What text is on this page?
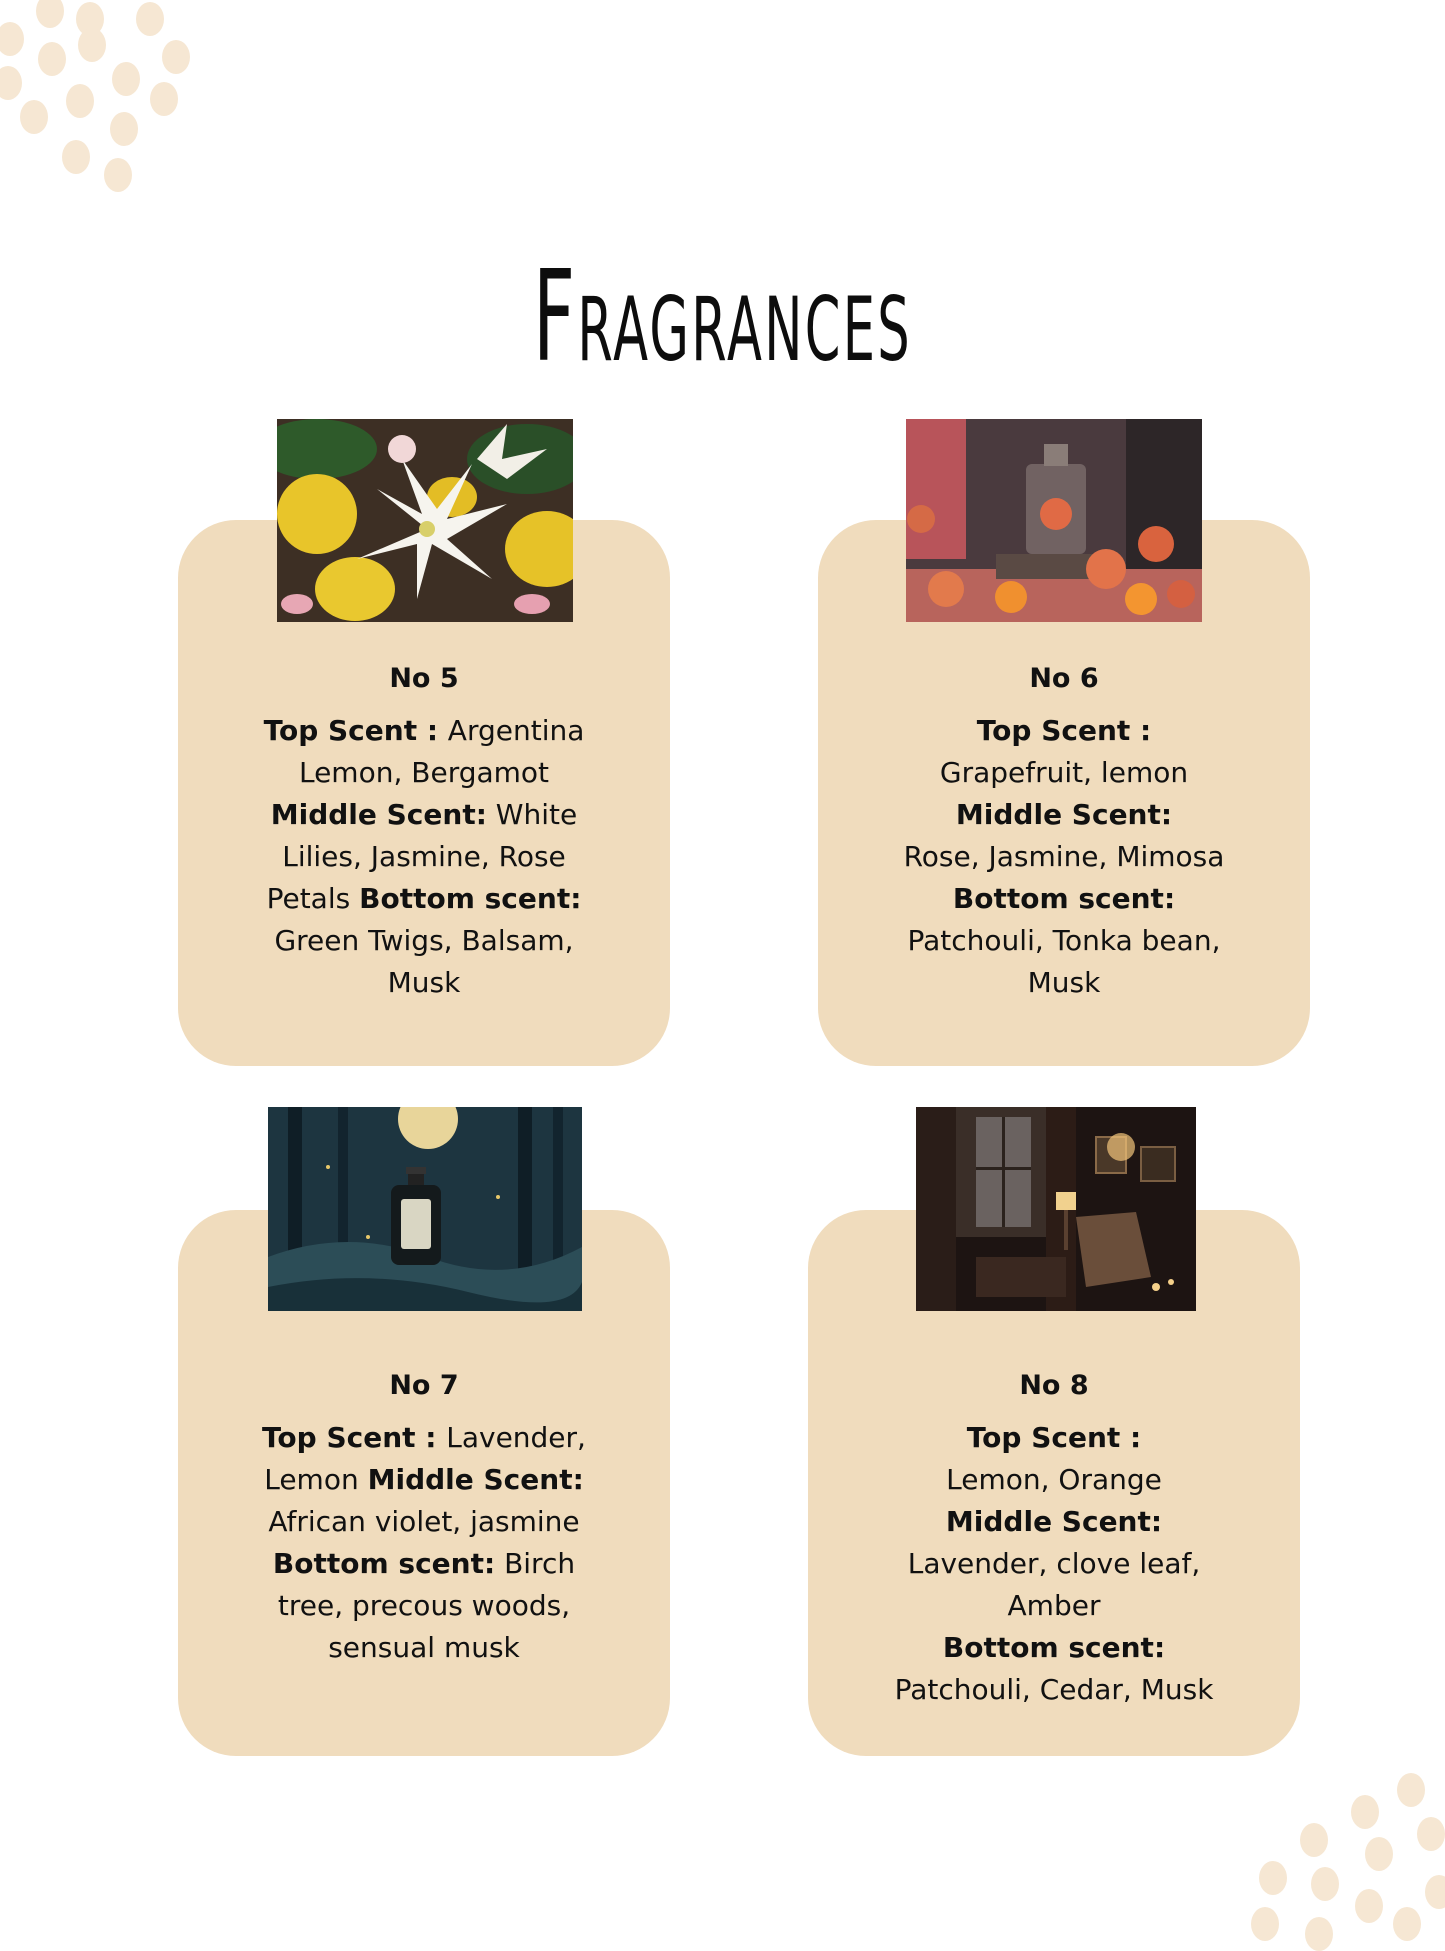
Fragrances
No 5
Top Scent : Argentina Lemon, Bergamot Middle Scent: White Lilies, Jasmine, Rose Petals Bottom scent: Green Twigs, Balsam, Musk
No 6
Top Scent :
Grapefruit, lemon
Middle Scent:
Rose, Jasmine, Mimosa
Bottom scent:
Patchouli, Tonka bean, Musk
No 7
Top Scent : Lavender, Lemon Middle Scent: African violet, jasmine Bottom scent: Birch tree, precous woods, sensual musk
No 8
Top Scent :
Lemon, Orange
Middle Scent:
Lavender, clove leaf, Amber
Bottom scent:
Patchouli, Cedar, Musk
